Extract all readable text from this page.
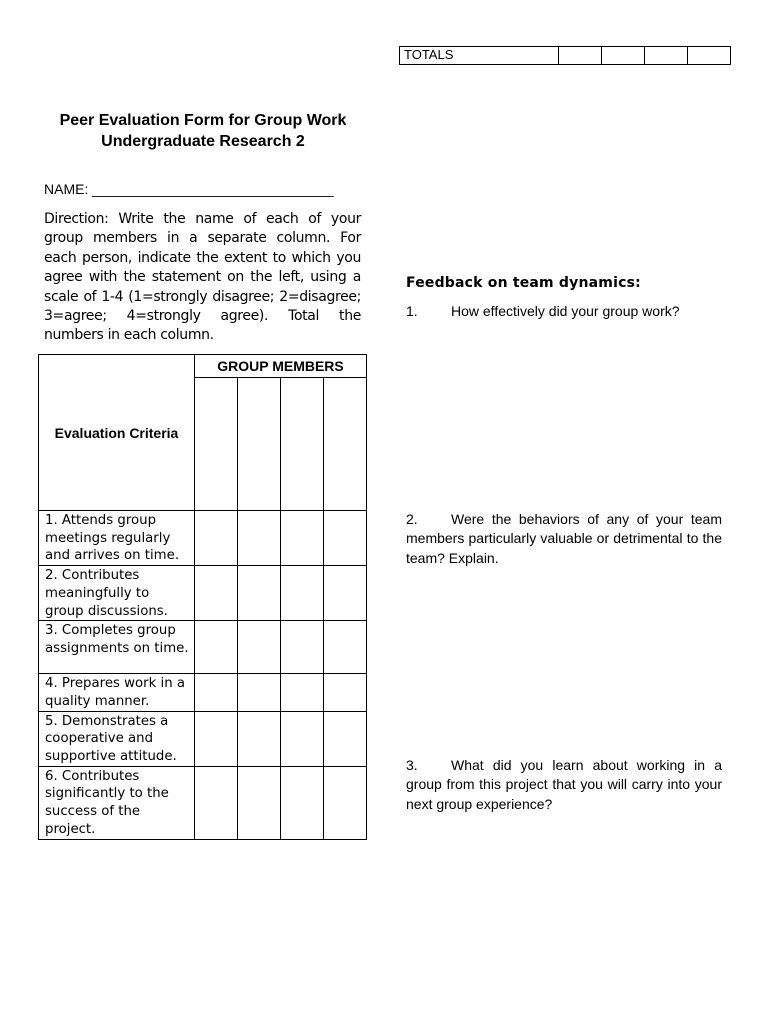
TOTALS				
Peer Evaluation Form for Group Work
Undergraduate Research 2
NAME: _______________________________
Direction: Write the name of each of your group members in a separate column. For each person, indicate the extent to which you agree with the statement on the left, using a scale of 1-4 (1=strongly disagree; 2=disagree; 3=agree; 4=strongly agree). Total the numbers in each column.
Evaluation Criteria	GROUP MEMBERS			

1. Attends group meetings regularly and arrives on time.				
2. Contributes meaningfully to group discussions.				
3. Completes group assignments on time.				
4. Prepares work in a quality manner.				
5. Demonstrates a cooperative and supportive attitude.				
6. Contributes significantly to the success of the project.				
Feedback on team dynamics:
1. How effectively did your group work?
2. Were the behaviors of any of your team members particularly valuable or detrimental to the team? Explain.
3. What did you learn about working in a group from this project that you will carry into your next group experience?
